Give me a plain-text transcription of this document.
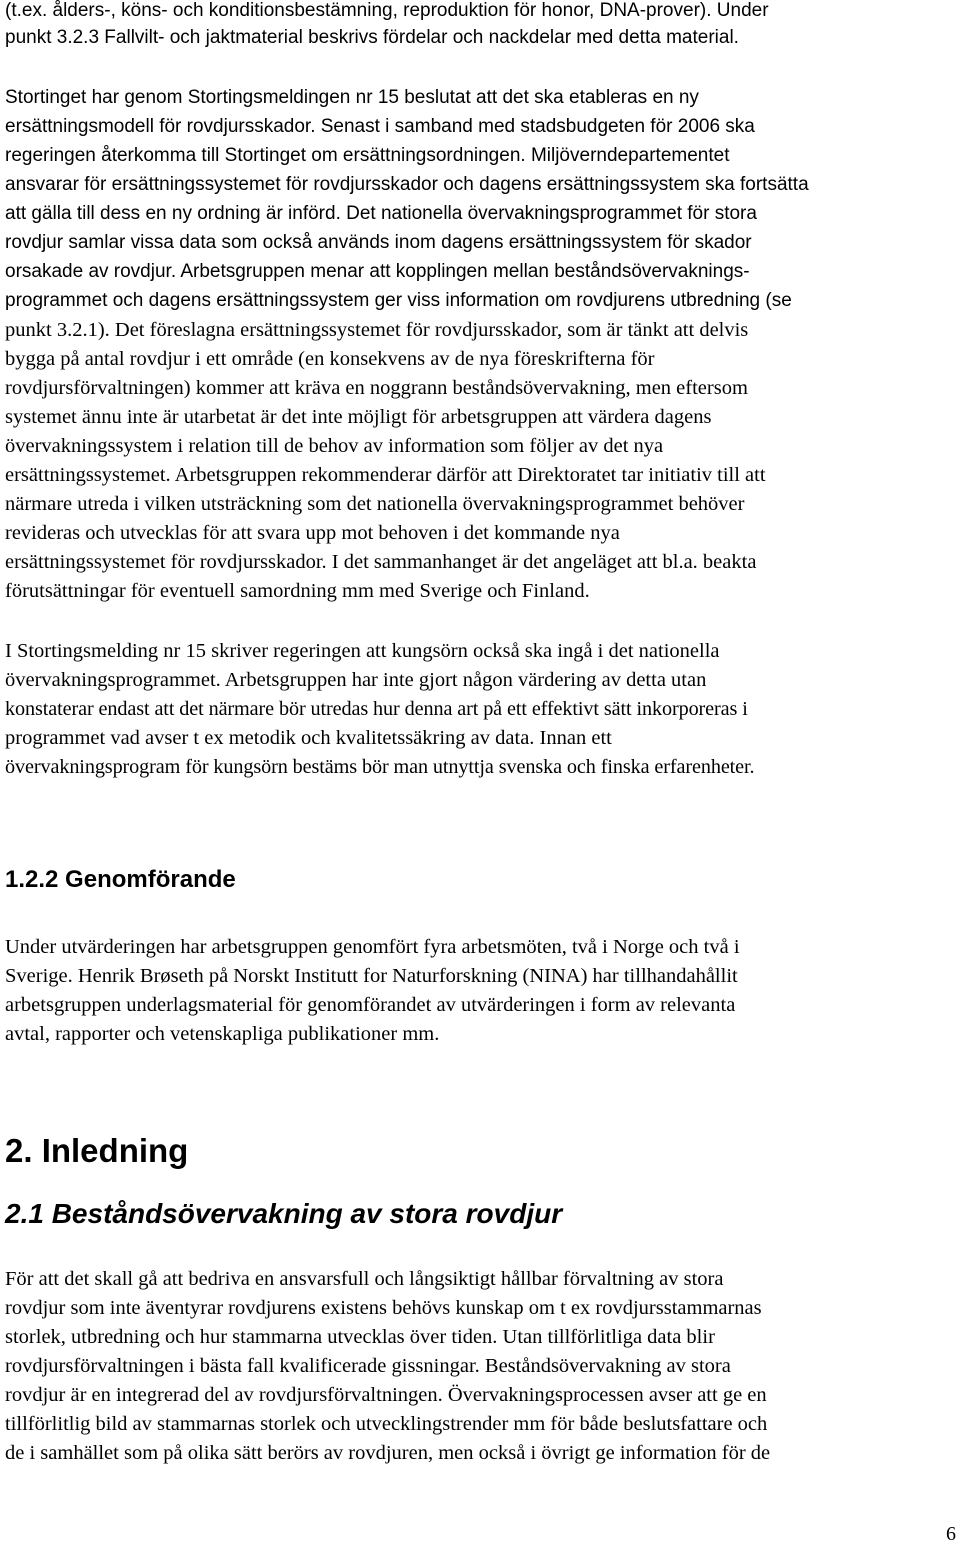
(t.ex. ålders-, köns- och konditionsbestämning, reproduktion för honor, DNA-prover). Under
punkt 3.2.3 Fallvilt- och jaktmaterial beskrivs fördelar och nackdelar med detta material.
Stortinget har genom Stortingsmeldingen nr 15 beslutat att det ska etableras en ny
ersättningsmodell för rovdjursskador. Senast i samband med stadsbudgeten för 2006 ska
regeringen återkomma till Stortinget om ersättningsordningen. Miljöverndepartementet
ansvarar för ersättningssystemet för rovdjursskador och dagens ersättningssystem ska fortsätta
att gälla till dess en ny ordning är införd. Det nationella övervakningsprogrammet för stora
rovdjur samlar vissa data som också används inom dagens ersättningssystem för skador
orsakade av rovdjur. Arbetsgruppen menar att kopplingen mellan beståndsövervaknings-
programmet och dagens ersättningssystem ger viss information om rovdjurens utbredning (se
punkt 3.2.1). Det föreslagna ersättningssystemet för rovdjursskador, som är tänkt att delvis
bygga på antal rovdjur i ett område (en konsekvens av de nya föreskrifterna för
rovdjursförvaltningen) kommer att kräva en noggrann beståndsövervakning, men eftersom
systemet ännu inte är utarbetat är det inte möjligt för arbetsgruppen att värdera dagens
övervakningssystem i relation till de behov av information som följer av det nya
ersättningssystemet. Arbetsgruppen rekommenderar därför att Direktoratet tar initiativ till att
närmare utreda i vilken utsträckning som det nationella övervakningsprogrammet behöver
revideras och utvecklas för att svara upp mot behoven i det kommande nya
ersättningssystemet för rovdjursskador. I det sammanhanget är det angeläget att bl.a. beakta
förutsättningar för eventuell samordning mm med Sverige och Finland.
I Stortingsmelding nr 15 skriver regeringen att kungsörn också ska ingå i det nationella
övervakningsprogrammet. Arbetsgruppen har inte gjort någon värdering av detta utan
konstaterar endast att det närmare bör utredas hur denna art på ett effektivt sätt inkorporeras i
programmet vad avser t ex metodik och kvalitetssäkring av data. Innan ett
övervakningsprogram för kungsörn bestäms bör man utnyttja svenska och finska erfarenheter.
1.2.2 Genomförande
Under utvärderingen har arbetsgruppen genomfört fyra arbetsmöten, två i Norge och två i
Sverige. Henrik Brøseth på Norskt Institutt for Naturforskning (NINA) har tillhandahållit
arbetsgruppen underlagsmaterial för genomförandet av utvärderingen i form av relevanta
avtal, rapporter och vetenskapliga publikationer mm.
2. Inledning
2.1 Beståndsövervakning av stora rovdjur
För att det skall gå att bedriva en ansvarsfull och långsiktigt hållbar förvaltning av stora
rovdjur som inte äventyrar rovdjurens existens behövs kunskap om t ex rovdjursstammarnas
storlek, utbredning och hur stammarna utvecklas över tiden. Utan tillförlitliga data blir
rovdjursförvaltningen i bästa fall kvalificerade gissningar. Beståndsövervakning av stora
rovdjur är en integrerad del av rovdjursförvaltningen. Övervakningsprocessen avser att ge en
tillförlitlig bild av stammarnas storlek och utvecklingstrender mm för både beslutsfattare och
de i samhället som på olika sätt berörs av rovdjuren, men också i övrigt ge information för de
6
